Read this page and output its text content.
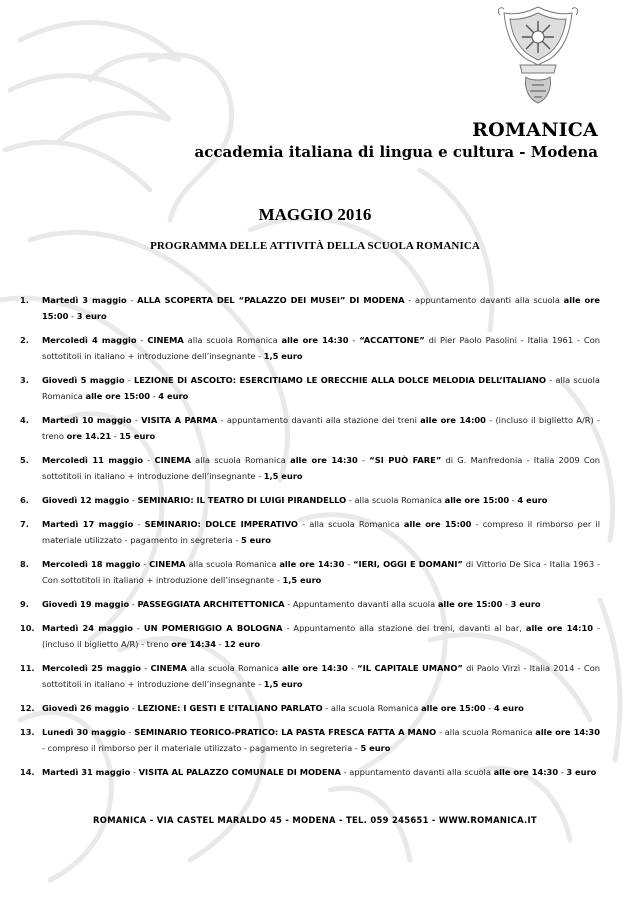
ROMANICA
accademia italiana di lingua e cultura - Modena
MAGGIO 2016
PROGRAMMA DELLE ATTIVITÀ DELLA SCUOLA ROMANICA
1.	Martedì 3 maggio - ALLA SCOPERTA DEL “PALAZZO DEI MUSEI” DI MODENA - appuntamento davanti alla scuola alle ore 15:00 - 3 euro
2.	Mercoledì 4 maggio - CINEMA alla scuola Romanica alle ore 14:30 - “ACCATTONE” di Pier Paolo Pasolini - Italia 1961 - Con sottotitoli in italiano + introduzione dell’insegnante - 1,5 euro
3.	Giovedì 5 maggio - LEZIONE DI ASCOLTO: ESERCITIAMO LE ORECCHIE ALLA DOLCE MELODIA DELL’ITALIANO - alla scuola Romanica alle ore 15:00 - 4 euro
4.	Martedì 10 maggio - VISITA A PARMA - appuntamento davanti alla stazione dei treni alle ore 14:00 - (incluso il biglietto A/R) - treno ore 14.21 - 15 euro
5.	Mercoledì 11 maggio - CINEMA alla scuola Romanica alle ore 14:30 - “SI PUÒ FARE” di G. Manfredonia - Italia 2009 Con sottotitoli in italiano + introduzione dell’insegnante - 1,5 euro
6.	Giovedì 12 maggio - SEMINARIO: IL TEATRO DI LUIGI PIRANDELLO - alla scuola Romanica alle ore 15:00 - 4 euro
7.	Martedì 17 maggio - SEMINARIO: DOLCE IMPERATIVO - alla scuola Romanica alle ore 15:00 - compreso il rimborso per il materiale utilizzato - pagamento in segreteria - 5 euro
8.	Mercoledì 18 maggio - CINEMA alla scuola Romanica alle ore 14:30 - “IERI, OGGI E DOMANI” di Vittorio De Sica - Italia 1963 - Con sottotitoli in italiano + introduzione dell’insegnante - 1,5 euro
9.	Giovedì 19 maggio - PASSEGGIATA ARCHITETTONICA - Appuntamento davanti alla scuola alle ore 15:00 - 3 euro
10. Martedì 24 maggio - UN POMERIGGIO A BOLOGNA - Appuntamento alla stazione dei treni, davanti al bar, alle ore 14:10 - (incluso il biglietto A/R) - treno ore 14:34 - 12 euro
11. Mercoledì 25 maggio - CINEMA alla scuola Romanica alle ore 14:30 - “IL CAPITALE UMANO” di Paolo Virzì - Italia 2014 - Con sottotitoli in italiano + introduzione dell’insegnante - 1,5 euro
12. Giovedì 26 maggio - LEZIONE: I GESTI E L’ITALIANO PARLATO - alla scuola Romanica alle ore 15:00 - 4 euro
13. Lunedì 30 maggio - SEMINARIO TEORICO-PRATICO: LA PASTA FRESCA FATTA A MANO - alla scuola Romanica alle ore 14:30 - compreso il rimborso per il materiale utilizzato - pagamento in segreteria - 5 euro
14. Martedì 31 maggio - VISITA AL PALAZZO COMUNALE DI MODENA - appuntamento davanti alla scuola alle ore 14:30 - 3 euro
ROMANICA - VIA CASTEL MARALDO 45 - MODENA - TEL. 059 245651 - WWW.ROMANICA.IT
